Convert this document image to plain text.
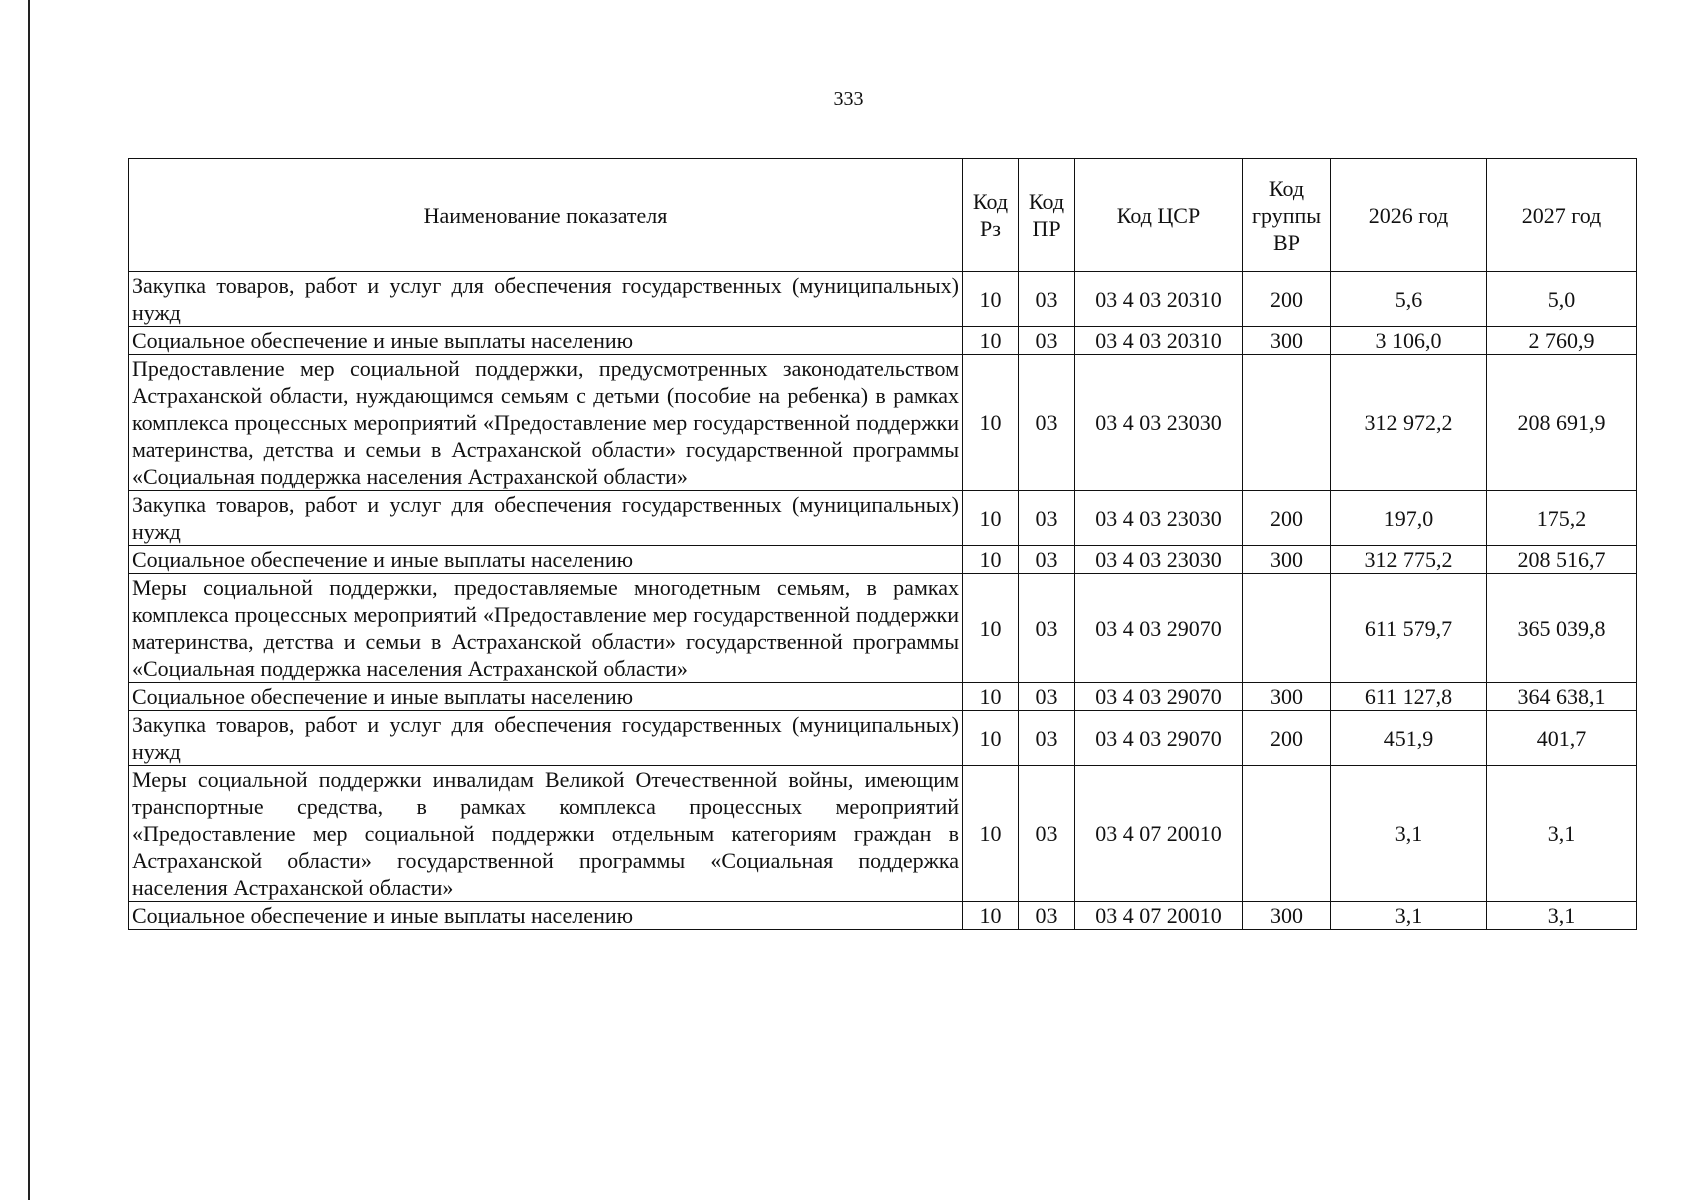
333
Наименование показателя	Код Рз	Код ПР	Код ЦСР	Код группы ВР	2026 год	2027 год
Закупка товаров, работ и услуг для обеспечения государственных (муниципальных) нужд	10	03	03 4 03 20310	200	5,6	5,0
Социальное обеспечение и иные выплаты населению	10	03	03 4 03 20310	300	3 106,0	2 760,9
Предоставление мер социальной поддержки, предусмотренных законодательством Астраханской области, нуждающимся семьям с детьми (пособие на ребенка) в рамках комплекса процессных мероприятий «Предоставление мер государственной поддержки материнства, детства и семьи в Астраханской области» государственной программы «Социальная поддержка населения Астраханской области»	10	03	03 4 03 23030		312 972,2	208 691,9
Закупка товаров, работ и услуг для обеспечения государственных (муниципальных) нужд	10	03	03 4 03 23030	200	197,0	175,2
Социальное обеспечение и иные выплаты населению	10	03	03 4 03 23030	300	312 775,2	208 516,7
Меры социальной поддержки, предоставляемые многодетным семьям, в рамках комплекса процессных мероприятий «Предоставление мер государственной поддержки материнства, детства и семьи в Астраханской области» государственной программы «Социальная поддержка населения Астраханской области»	10	03	03 4 03 29070		611 579,7	365 039,8
Социальное обеспечение и иные выплаты населению	10	03	03 4 03 29070	300	611 127,8	364 638,1
Закупка товаров, работ и услуг для обеспечения государственных (муниципальных) нужд	10	03	03 4 03 29070	200	451,9	401,7
Меры социальной поддержки инвалидам Великой Отечественной войны, имеющим транспортные средства, в рамках комплекса процессных мероприятий «Предоставление мер социальной поддержки отдельным категориям граждан в Астраханской области» государственной программы «Социальная поддержка населения Астраханской области»	10	03	03 4 07 20010		3,1	3,1
Социальное обеспечение и иные выплаты населению	10	03	03 4 07 20010	300	3,1	3,1
